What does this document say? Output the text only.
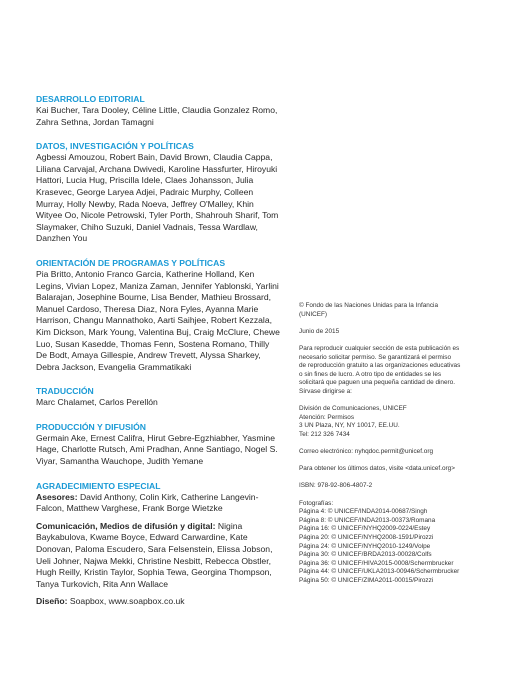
DESARROLLO EDITORIAL
Kai Bucher, Tara Dooley, Céline Little, Claudia Gonzalez Romo, Zahra Sethna, Jordan Tamagni
DATOS, INVESTIGACIÓN Y POLÍTICAS
Agbessi Amouzou, Robert Bain, David Brown, Claudia Cappa, Liliana Carvajal, Archana Dwivedi, Karoline Hassfurter, Hiroyuki Hattori, Lucia Hug, Priscilla Idele, Claes Johansson, Julia Krasevec, George Laryea Adjei, Padraic Murphy, Colleen Murray, Holly Newby, Rada Noeva, Jeffrey O'Malley, Khin Wityee Oo, Nicole Petrowski, Tyler Porth, Shahrouh Sharif, Tom Slaymaker, Chiho Suzuki, Daniel Vadnais, Tessa Wardlaw, Danzhen You
ORIENTACIÓN DE PROGRAMAS Y POLÍTICAS
Pia Britto, Antonio Franco Garcia, Katherine Holland, Ken Legins, Vivian Lopez, Maniza Zaman, Jennifer Yablonski, Yarlini Balarajan, Josephine Bourne, Lisa Bender, Mathieu Brossard, Manuel Cardoso, Theresa Diaz, Nora Fyles, Ayanna Marie Harrison, Changu Mannathoko, Aarti Saihjee, Robert Kezzala, Kim Dickson, Mark Young, Valentina Buj, Craig McClure, Chewe Luo, Susan Kasedde, Thomas Fenn, Sostena Romano, Thilly De Bodt, Amaya Gillespie, Andrew Trevett, Alyssa Sharkey, Debra Jackson, Evangelia Grammatikaki
TRADUCCIÓN
Marc Chalamet, Carlos Perellón
PRODUCCIÓN Y DIFUSIÓN
Germain Ake, Ernest Califra, Hirut Gebre-Egzhiabher, Yasmine Hage, Charlotte Rutsch, Ami Pradhan, Anne Santiago, Nogel S. Viyar, Samantha Wauchope, Judith Yemane
AGRADECIMIENTO ESPECIAL
Asesores: David Anthony, Colin Kirk, Catherine Langevin-Falcon, Matthew Varghese, Frank Borge Wietzke
Comunicación, Medios de difusión y digital: Nigina Baykabulova, Kwame Boyce, Edward Carwardine, Kate Donovan, Paloma Escudero, Sara Felsenstein, Elissa Jobson, Ueli Johner, Najwa Mekki, Christine Nesbitt, Rebecca Obstler, Hugh Reilly, Kristin Taylor, Sophia Tewa, Georgina Thompson, Tanya Turkovich, Rita Ann Wallace
Diseño: Soapbox, www.soapbox.co.uk
© Fondo de las Naciones Unidas para la Infancia
(UNICEF)
Junio de 2015
Para reproducir cualquier sección de esta publicación es
necesario solicitar permiso. Se garantizará el permiso
de reproducción gratuito a las organizaciones educativas
o sin fines de lucro. A otro tipo de entidades se les
solicitará que paguen una pequeña cantidad de dinero.
Sírvase dirigirse a:
División de Comunicaciones, UNICEF
Atención: Permisos
3 UN Plaza, NY, NY 10017, EE.UU.
Tel: 212 326 7434
Correo electrónico: nyhqdoc.permit@unicef.org
Para obtener los últimos datos, visite <data.unicef.org>
ISBN: 978-92-806-4807-2
Fotografías:
Página 4: © UNICEF/INDA2014-00687/Singh
Página 8: © UNICEF/INDA2013-00373/Romana
Página 16: © UNICEF/NYHQ2009-0224/Estey
Página 20: © UNICEF/NYHQ2008-1591/Pirozzi
Página 24: © UNICEF/NYHQ2010-1249/Volpe
Página 30: © UNICEF/BRDA2013-00028/Colfs
Página 36: © UNICEF/HIVA2015-0008/Schermbrucker
Página 44: © UNICEF/UKLA2013-00946/Schermbrucker
Página 50: © UNICEF/ZIMA2011-00015/Pirozzi
